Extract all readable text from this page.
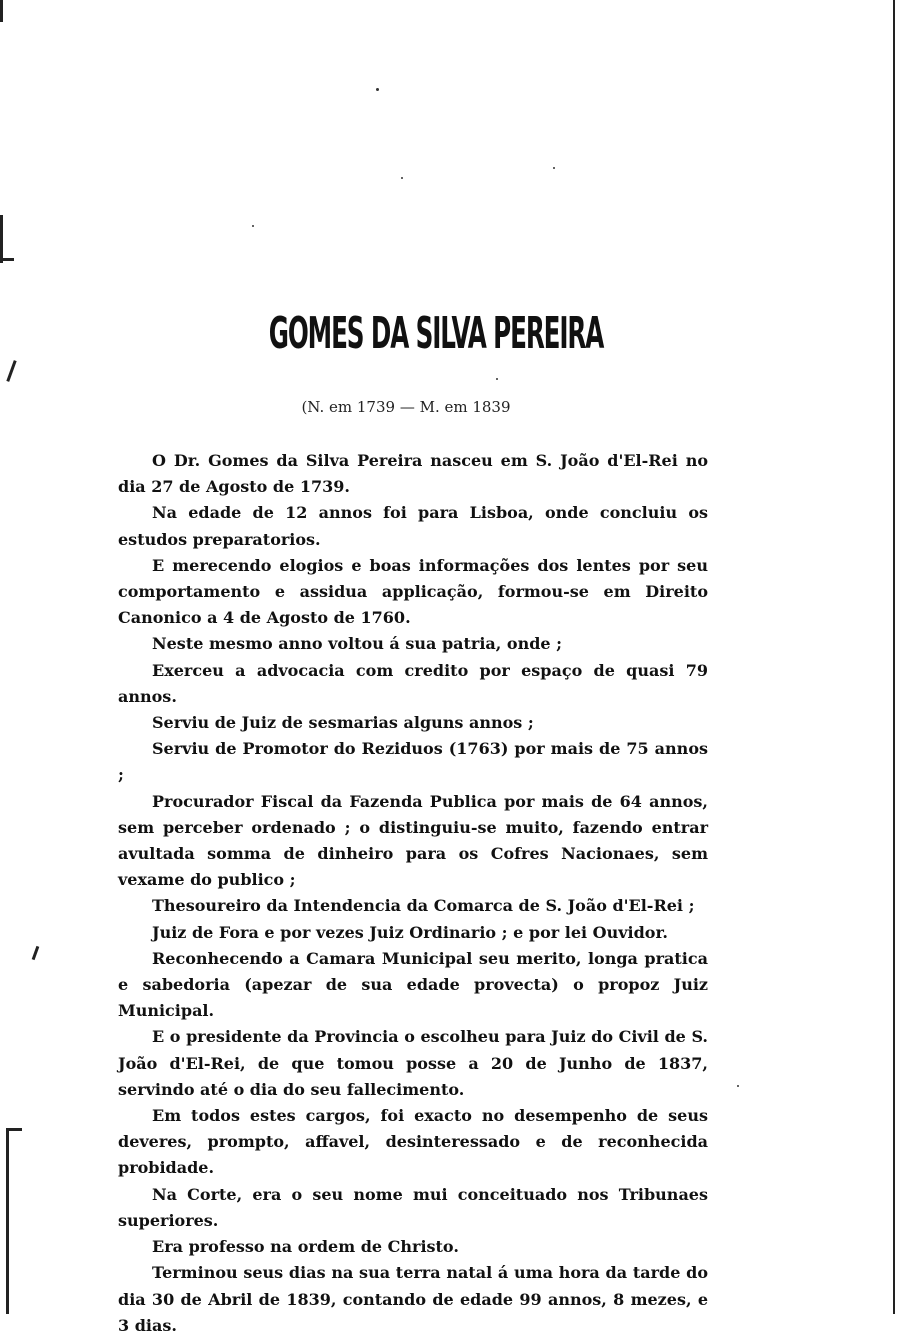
GOMES DA SILVA PEREIRA
(N. em 1739 — M. em 1839

O Dr. Gomes da Silva Pereira nasceu em S. João d'El-Rei no dia 27 de Agosto de 1739.

Na edade de 12 annos foi para Lisboa, onde concluiu os estudos preparatorios.

E merecendo elogios e boas informações dos lentes por seu comportamento e assidua applicação, formou-se em Direito Canonico a 4 de Agosto de 1760.

Neste mesmo anno voltou á sua patria, onde ;

Exerceu a advocacia com credito por espaço de quasi 79 annos.

Serviu de Juiz de sesmarias alguns annos ;

Serviu de Promotor do Reziduos (1763) por mais de 75 annos ;

Procurador Fiscal da Fazenda Publica por mais de 64 annos, sem perceber ordenado ; o distinguiu-se muito, fazendo entrar avultada somma de dinheiro para os Cofres Nacionaes, sem vexame do publico ;

Thesoureiro da Intendencia da Comarca de S. João d'El-Rei ;

Juiz de Fora e por vezes Juiz Ordinario ; e por lei Ouvidor.

Reconhecendo a Camara Municipal seu merito, longa pratica e sabedoria (apezar de sua edade provecta) o propoz Juiz Municipal.

E o presidente da Provincia o escolheu para Juiz do Civil de S. João d'El-Rei, de que tomou posse a 20 de Junho de 1837, servindo até o dia do seu fallecimento.

Em todos estes cargos, foi exacto no desempenho de seus deveres, prompto, affavel, desinteressado e de reconhecida probidade.

Na Corte, era o seu nome mui conceituado nos Tribunaes superiores.

Era professo na ordem de Christo.

Terminou seus dias na sua terra natal á uma hora da tarde do dia 30 de Abril de 1839, contando de edade 99 annos, 8 mezes, e 3 dias.
